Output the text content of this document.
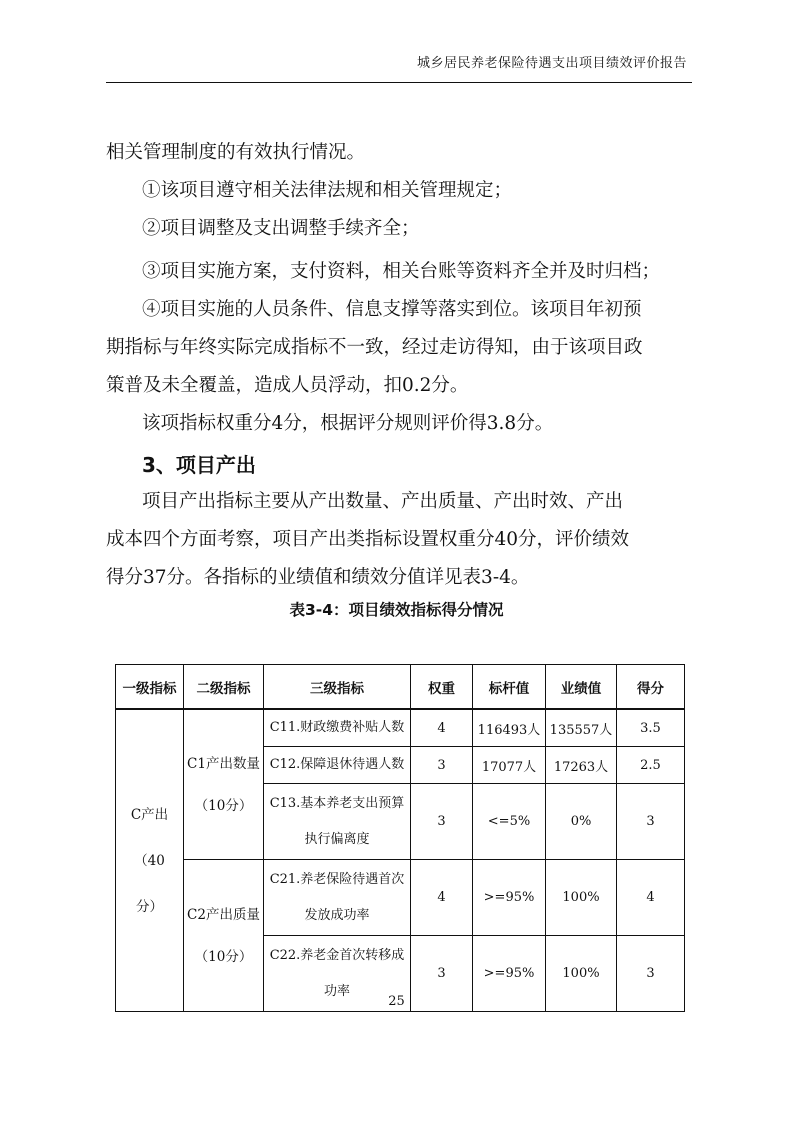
城乡居民养老保险待遇支出项目绩效评价报告

相关管理制度的有效执行情况。

①该项目遵守相关法律法规和相关管理规定；

②项目调整及支出调整手续齐全；

③项目实施方案，支付资料，相关台账等资料齐全并及时归档；

④项目实施的人员条件、信息支撑等落实到位。该项目年初预

期指标与年终实际完成指标不一致，经过走访得知，由于该项目政

策普及未全覆盖，造成人员浮动，扣0.2分。

该项指标权重分4分，根据评分规则评价得3.8分。

3、项目产出

项目产出指标主要从产出数量、产出质量、产出时效、产出

成本四个方面考察，项目产出类指标设置权重分40分，评价绩效

得分37分。各指标的业绩值和绩效分值详见表3-4。

表3-4：项目绩效指标得分情况
一级指标	二级指标	三级指标	权重	标杆值	业绩值	得分

C产出（40
分）	C1产出数量
（10分）	C11.财政缴费补贴人数	4	116493人	135557人	3.5

		C12.保障退休待遇人数	3	17077人	17263人	2.5

		C13.基本养老支出预算
执行偏离度	3	<=5%	0%	3

	C2产出质量
（10分）	C21.养老保险待遇首次
发放成功率	4	>=95%	100%	4

		C22.养老金首次转移成
功率	3	>=95%	100%	3
25
